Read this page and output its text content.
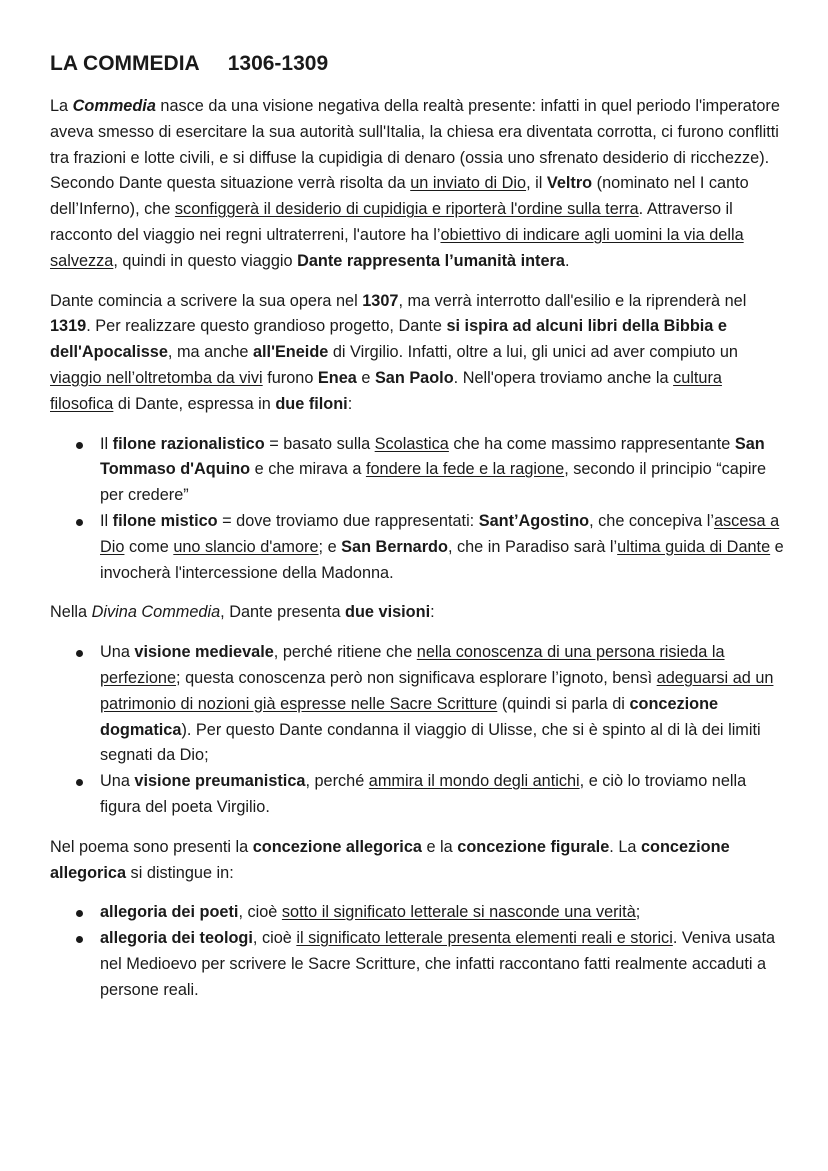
LA COMMEDIA 1306-1309

La Commedia nasce da una visione negativa della realtà presente: infatti in quel periodo l'imperatore aveva smesso di esercitare la sua autorità sull'Italia, la chiesa era diventata corrotta, ci furono conflitti tra frazioni e lotte civili, e si diffuse la cupidigia di denaro (ossia uno sfrenato desiderio di ricchezze). Secondo Dante questa situazione verrà risolta da un inviato di Dio, il Veltro (nominato nel I canto dell’Inferno), che sconfiggerà il desiderio di cupidigia e riporterà l'ordine sulla terra. Attraverso il racconto del viaggio nei regni ultraterreni, l'autore ha l’obiettivo di indicare agli uomini la via della salvezza, quindi in questo viaggio Dante rappresenta l’umanità intera.

Dante comincia a scrivere la sua opera nel 1307, ma verrà interrotto dall'esilio e la riprenderà nel 1319. Per realizzare questo grandioso progetto, Dante si ispira ad alcuni libri della Bibbia e dell'Apocalisse, ma anche all'Eneide di Virgilio. Infatti, oltre a lui, gli unici ad aver compiuto un viaggio nell’oltretomba da vivi furono Enea e San Paolo. Nell'opera troviamo anche la cultura filosofica di Dante, espressa in due filoni:

Il filone razionalistico = basato sulla Scolastica che ha come massimo rappresentante San Tommaso d'Aquino e che mirava a fondere la fede e la ragione, secondo il principio “capire per credere”
Il filone mistico = dove troviamo due rappresentati: Sant’Agostino, che concepiva l’ascesa a Dio come uno slancio d'amore; e San Bernardo, che in Paradiso sarà l’ultima guida di Dante e invocherà l'intercessione della Madonna.

Nella Divina Commedia, Dante presenta due visioni:

Una visione medievale, perché ritiene che nella conoscenza di una persona risieda la perfezione; questa conoscenza però non significava esplorare l’ignoto, bensì adeguarsi ad un patrimonio di nozioni già espresse nelle Sacre Scritture (quindi si parla di concezione dogmatica). Per questo Dante condanna il viaggio di Ulisse, che si è spinto al di là dei limiti segnati da Dio;
Una visione preumanistica, perché ammira il mondo degli antichi, e ciò lo troviamo nella figura del poeta Virgilio.

Nel poema sono presenti la concezione allegorica e la concezione figurale. La concezione allegorica si distingue in:

allegoria dei poeti, cioè sotto il significato letterale si nasconde una verità;
allegoria dei teologi, cioè il significato letterale presenta elementi reali e storici. Veniva usata nel Medioevo per scrivere le Sacre Scritture, che infatti raccontano fatti realmente accaduti a persone reali.
